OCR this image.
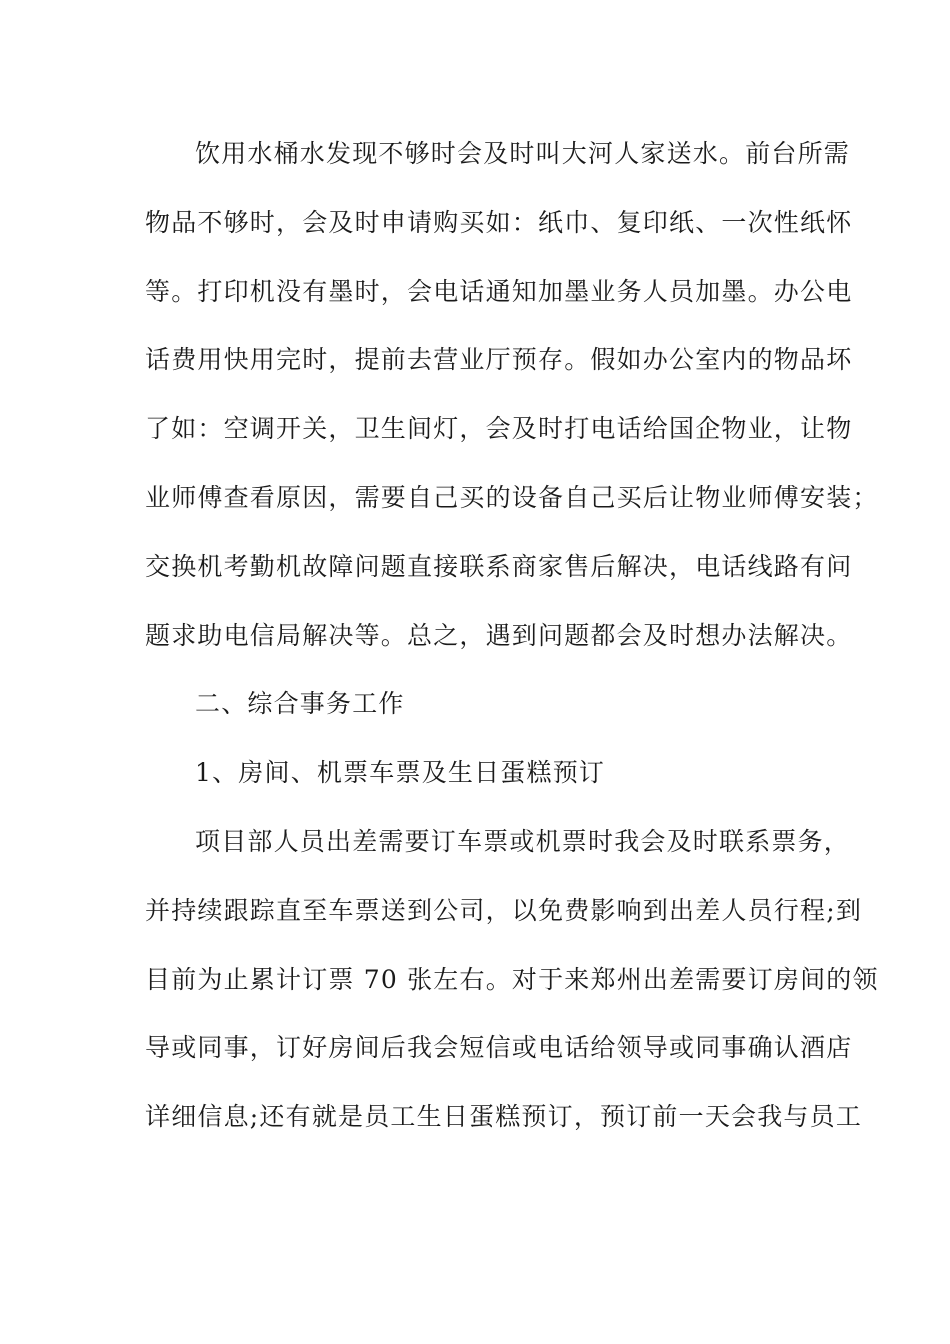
饮用水桶水发现不够时会及时叫大河人家送水。前台所需
物品不够时，会及时申请购买如：纸巾、复印纸、一次性纸怀
等。打印机没有墨时，会电话通知加墨业务人员加墨。办公电
话费用快用完时，提前去营业厅预存。假如办公室内的物品坏
了如：空调开关，卫生间灯，会及时打电话给国企物业，让物
业师傅查看原因，需要自己买的设备自己买后让物业师傅安装；
交换机考勤机故障问题直接联系商家售后解决，电话线路有问
题求助电信局解决等。总之，遇到问题都会及时想办法解决。
二、综合事务工作
1、房间、机票车票及生日蛋糕预订
项目部人员出差需要订车票或机票时我会及时联系票务，
并持续跟踪直至车票送到公司，以免费影响到出差人员行程;到
目前为止累计订票 70 张左右。对于来郑州出差需要订房间的领
导或同事，订好房间后我会短信或电话给领导或同事确认酒店
详细信息;还有就是员工生日蛋糕预订，预订前一天会我与员工
